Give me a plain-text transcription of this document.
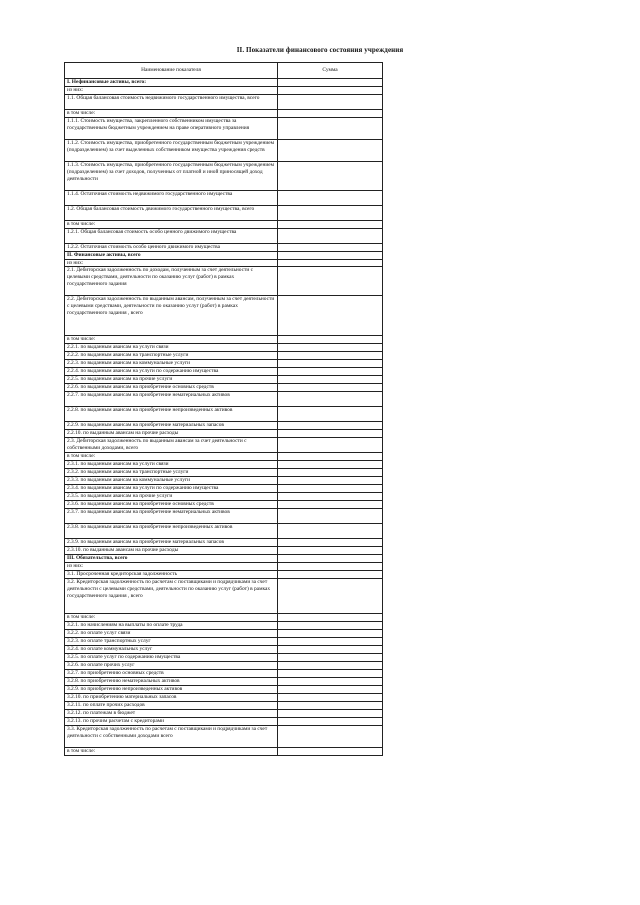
II. Показатели финансового состояния учреждения
Наименование показателя	Сумма
I. Нефинансовые активы, всего:	
из них:	
1.1. Общая балансовая стоимость недвижимого государственного имущества, всего	
в том числе:	
1.1.1. Стоимость имущества, закрепленного собственником имущества за государственным бюджетным учреждением на праве оперативного управления	
1.1.2. Стоимость имущества, приобретенного государственным бюджетным учреждением (подразделением) за счет выделенных собственником имущества учреждения средств	
1.1.3. Стоимость имущества, приобретенного государственным бюджетным учреждением (подразделением) за счет доходов, полученных от платной и иной приносящей доход деятельности	
1.1.4. Остаточная стоимость недвижимого государственного имущества	
1.2. Общая балансовая стоимость движимого государственного имущества, всего	
в том числе:	
1.2.1. Общая балансовая стоимость особо ценного движимого имущества	
1.2.2. Остаточная стоимость особо ценного движимого имущества	
II. Финансовые активы, всего	
из них:	
2.1. Дебиторская задолженность по доходам, полученным за счет деятельности с целевыми средствами, деятельности по оказанию услуг (работ) в рамках государственного задания	
2.2. Дебиторская задолженность по выданным авансам, полученным за счет деятельности с целевыми средствами, деятельности по оказанию услуг (работ) в рамках государственного задания , всего	
в том числе:	
2.2.1. по выданным авансам на услуги связи	
2.2.2. по выданным авансам на транспортные услуги	
2.2.3. по выданным авансам на коммунальные услуги	
2.2.4. по выданным авансам на услуги по содержанию имущества	
2.2.5. по выданным авансам на прочие услуги	
2.2.6. по выданным авансам на приобретение основных средств	
2.2.7. по выданным авансам на приобретение нематериальных активов	
2.2.8. по выданным авансам на приобретение непроизведенных активов	
2.2.9. по выданным авансам на приобретение материальных запасов	
2.2.10. по выданным авансам на прочие расходы	
2.3. Дебиторская задолженность по выданным авансам за счет деятельности с собственными доходами, всего	
в том числе:	
2.3.1. по выданным авансам на услуги связи	
2.3.2. по выданным авансам на транспортные услуги	
2.3.3. по выданным авансам на коммунальные услуги	
2.3.4. по выданным авансам на услуги по содержанию имущества	
2.3.5. по выданным авансам на прочие услуги	
2.3.6. по выданным авансам на приобретение основных средств	
2.3.7. по выданным авансам на приобретение нематериальных активов	
2.3.8. по выданным авансам на приобретение непроизведенных активов	
2.3.9. по выданным авансам на приобретение материальных запасов	
2.3.10. по выданным авансам на прочие расходы	
III. Обязательства, всего	
из них:	
3.1. Просроченная кредиторская задолженность	
3.2. Кредиторская задолженность по расчетам с поставщиками и подрядчиками за счет деятельности с целевыми средствами, деятельности по оказанию услуг (работ) в рамках государственного задания , всего	
в том числе:	
3.2.1. по начислениям на выплаты по оплате труда	
3.2.2. по оплате услуг связи	
3.2.3. по оплате транспортных услуг	
3.2.4. по оплате коммунальных услуг	
3.2.5. по оплате услуг по содержанию имущества	
3.2.6. по оплате прочих услуг	
3.2.7. по приобретению основных средств	
3.2.8. по приобретению нематериальных активов	
3.2.9. по приобретению непроизведенных активов	
3.2.10. по приобретению материальных запасов	
3.2.11. по оплате прочих расходов	
3.2.12. по платежам в бюджет	
3.2.13. по прочим расчетам с кредиторами	
3.3. Кредиторская задолженность по расчетам с поставщиками и подрядчиками за счет деятельности с собственными доходами всего	
в том числе:	
